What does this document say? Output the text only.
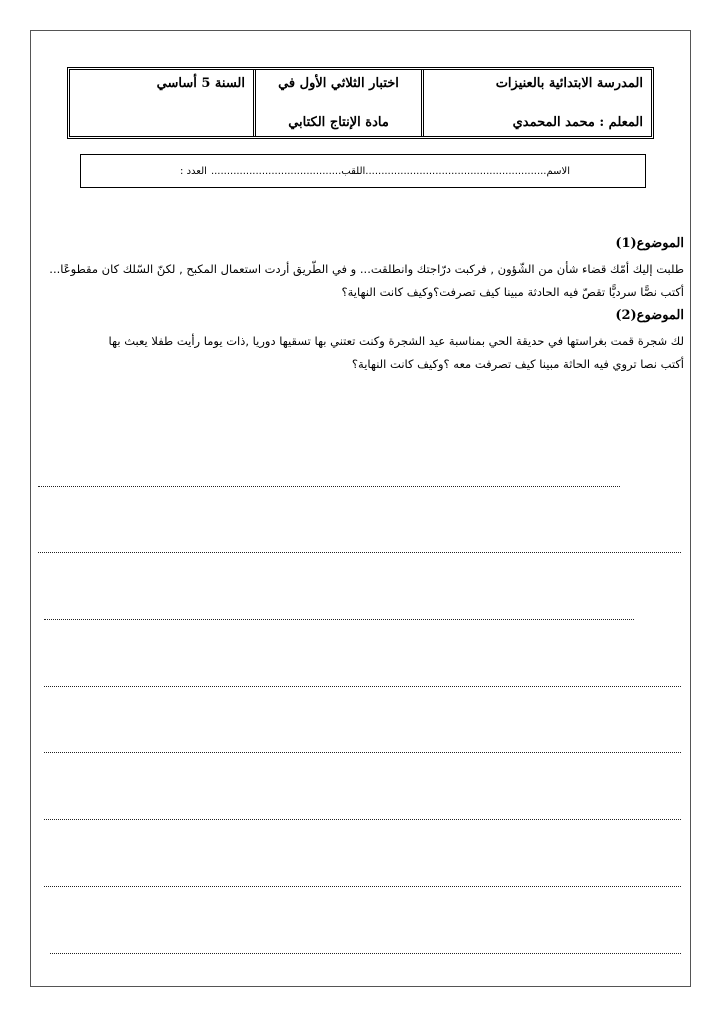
المدرسة الابتدائية بالعنيزات
المعلم : محمد المحمدي
اختبار الثلاثي الأول في
مادة الإنتاج الكتابي
السنة 5 أساسي
الاسم.........................................................
اللقب.........................................
العدد :
الموضوع(1)

طلبت إليك أمّك قضاء شأن من الشّؤون , فركبت درّاجتك وانطلقت... و في الطّريق أردت استعمال المكبح , لكنّ السّلك كان مقطوعًا...

أكتب نصًّا سرديًّا تقصّ فيه الحادثة مبينا كيف تصرفت؟وكيف كانت النهاية؟

الموضوع(2)

لك شجرة قمت بغراستها في حديقة الحي بمناسبة عيد الشجرة وكنت تعتني بها تسقيها دوريا ,ذات يوما رأيت طفلا يعبث بها

أكتب نصا تروي فيه الحاثة مبينا كيف تصرفت معه ؟وكيف كانت النهاية؟
